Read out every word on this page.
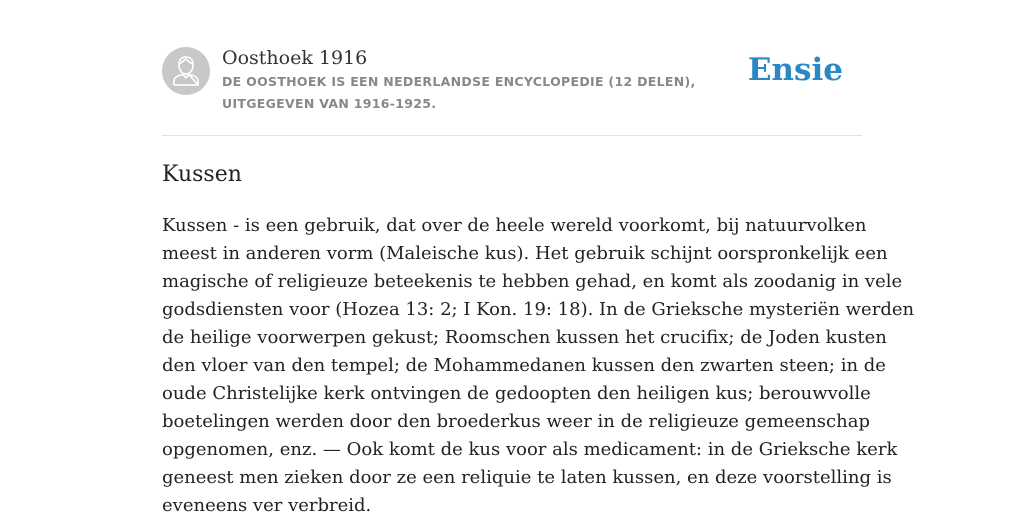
Oosthoek 1916
DE OOSTHOEK IS EEN NEDERLANDSE ENCYCLOPEDIE (12 DELEN), UITGEGEVEN VAN 1916-1925.
Ensie
Kussen
Kussen - is een gebruik, dat over de heele wereld voorkomt, bij natuurvolken
meest in anderen vorm (Maleische kus). Het gebruik schijnt oorspronkelijk een
magische of religieuze beteekenis te hebben gehad, en komt als zoodanig in vele
godsdiensten voor (Hozea 13: 2; I Kon. 19: 18). In de Grieksche mysteriën werden
de heilige voorwerpen gekust; Roomschen kussen het crucifix; de Joden kusten
den vloer van den tempel; de Mohammedanen kussen den zwarten steen; in de
oude Christelijke kerk ontvingen de gedoopten den heiligen kus; berouwvolle
boetelingen werden door den broederkus weer in de religieuze gemeenschap
opgenomen, enz. — Ook komt de kus voor als medicament: in de Grieksche kerk
geneest men zieken door ze een reliquie te laten kussen, en deze voorstelling is
eveneens ver verbreid.
